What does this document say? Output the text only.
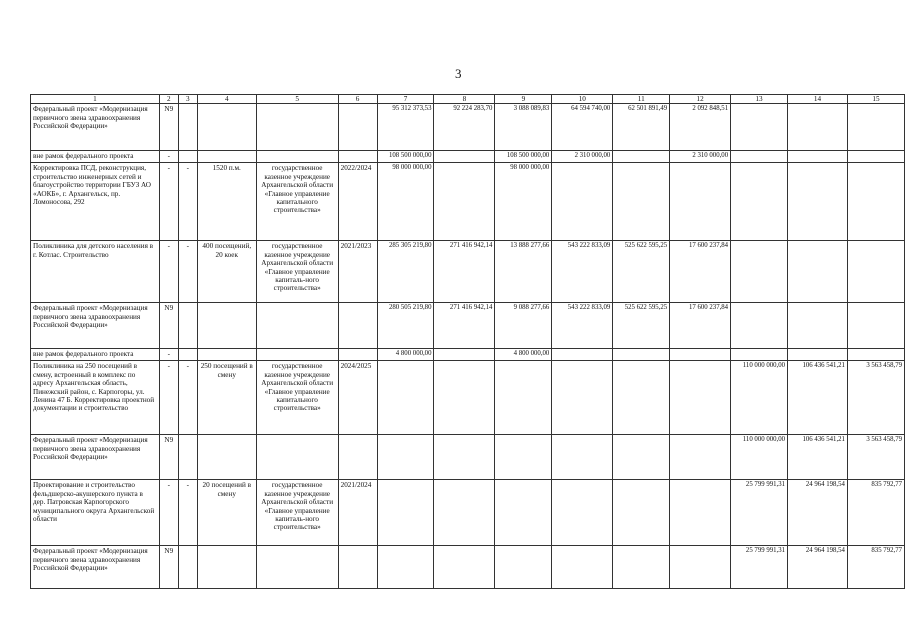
3
1	2	3	4	5	6	7	8	9	10	11	12	13	14	15
Федеральный проект «Модернизация первичного звена здравоохранения Российской Федерации»	N9					95 312 373,53	92 224 283,70	3 088 089,83	64 594 740,00	62 501 891,49	2 092 848,51			
вне рамок федерального проекта	-					108 500 000,00		108 500 000,00	2 310 000,00		2 310 000,00			
Корректировка ПСД, реконструкция, строительство инженерных сетей и благоустройство территории ГБУЗ АО «АОКБ», г. Архангельск, пр. Ломоносова, 292	-	-	1520 п.м.	государственное казенное учреждение Архангельской области «Главное управление капитального строительства»	2022/2024	98 000 000,00		98 000 000,00						
Поликлиника для детского населения в г. Котлас. Строительство	-	-	400 посещений, 20 коек	государственное казенное учреждение Архангельской области «Главное управление капиталь-ного строительства»	2021/2023	285 305 219,80	271 416 942,14	13 888 277,66	543 222 833,09	525 622 595,25	17 600 237,84			
Федеральный проект «Модернизация первичного звена здравоохранения Российской Федерации»	N9					280 505 219,80	271 416 942,14	9 088 277,66	543 222 833,09	525 622 595,25	17 600 237,84			
вне рамок федерального проекта	-					4 800 000,00		4 800 000,00						
Поликлиника на 250 посещений в смену, встроенный в комплекс по адресу Архангельская область, Пинежский район, с. Карпогоры, ул. Ленина 47 Б. Корректировка проектной документации и строительство	-	-	250 посещений в смену	государственное казенное учреждение Архангельской области «Главное управление капитального строительства»	2024/2025							110 000 000,00	106 436 541,21	3 563 458,79
Федеральный проект «Модернизация первичного звена здравоохранения Российской Федерации»	N9											110 000 000,00	106 436 541,21	3 563 458,79
Проектирование и строительство фельдшерско-акушерского пункта в дер. Патровская Карпогорского муниципального округа Архангельской области	-	-	20 посещений в смену	государственное казенное учреждение Архангельской области «Главное управление капиталь-ного строительства»	2021/2024							25 799 991,31	24 964 198,54	835 792,77
Федеральный проект «Модернизация первичного звена здравоохранения Российской Федерации»	N9											25 799 991,31	24 964 198,54	835 792,77
